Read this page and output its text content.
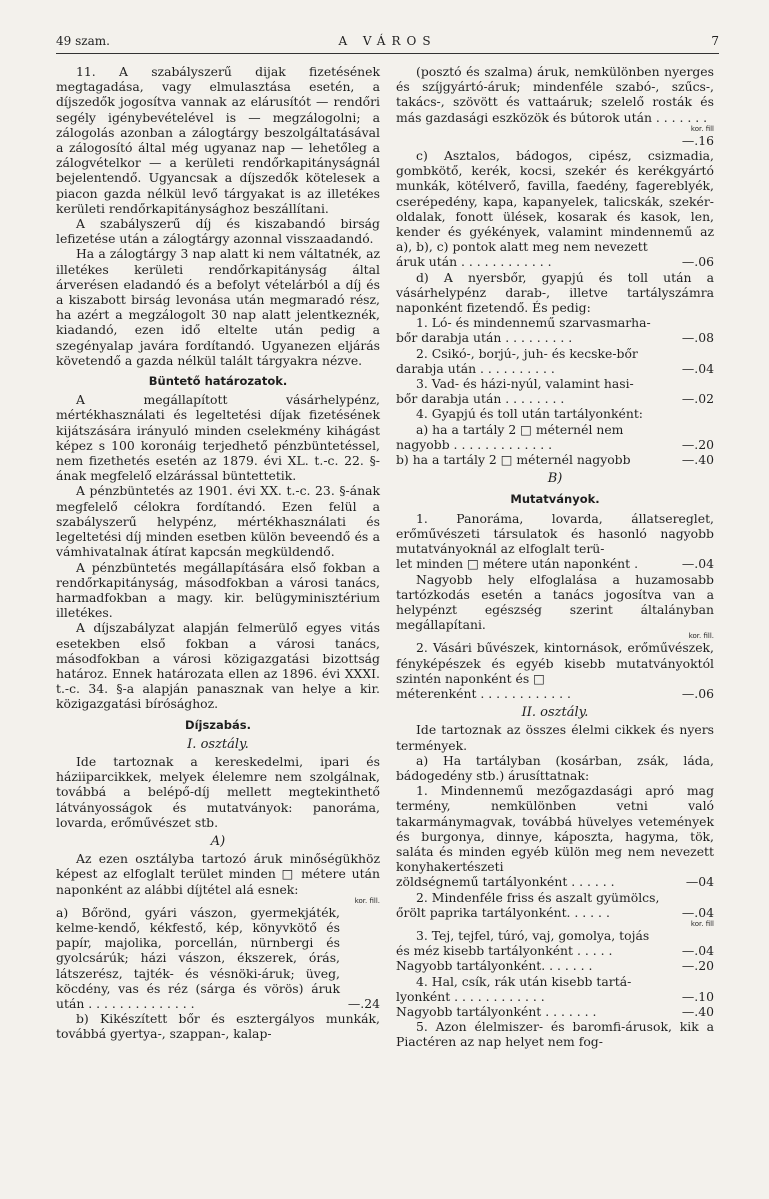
49 szam.	A VÁROS	7

11. A szabályszerű dijak fizetésének megtagadása, vagy elmulasztása esetén, a díjszedők jogosítva vannak az elárusítót — rendőri segély igénybevételével is — megzálogolni; a zálogolás azonban a zálogtárgy beszolgáltatásával a zálogosító által még ugyanaz nap — lehetőleg a zálogvételkor — a kerületi rendőrkapitányságnál bejelentendő. Ugyancsak a díjszedők kötelesek a piacon gazda nélkül levő tárgyakat is az illetékes kerületi rendőrkapitánysághoz beszállítani.

A szabályszerű díj és kiszabandó birság lefizetése után a zálogtárgy azonnal visszaadandó.

Ha a zálogtárgy 3 nap alatt ki nem váltatnék, az illetékes kerületi rendőrkapitányság által árverésen eladandó és a befolyt vételárból a díj és a kiszabott birság levonása után megmaradó rész, ha azért a megzálogolt 30 nap alatt jelentkeznék, kiadandó, ezen idő eltelte után pedig a szegényalap javára fordítandó. Ugyanezen eljárás követendő a gazda nélkül talált tárgyakra nézve.

Büntető határozatok.

A megállapított vásárhelypénz, mértékhasználati és legeltetési díjak fizetésének kijátszására irányuló minden cselekmény kihágást képez s 100 koronáig terjedhető pénzbüntetéssel, nem fizethetés esetén az 1879. évi XL. t.-c. 22. §-ának megfelelő elzárással büntettetik.

A pénzbüntetés az 1901. évi XX. t.-c. 23. §-ának megfelelő célokra fordítandó. Ezen felül a szabályszerű helypénz, mértékhasználati és legeltetési díj minden esetben külön beveendő és a vámhivatalnak átírat kapcsán megküldendő.

A pénzbüntetés megállapítására első fokban a rendőrkapitányság, másodfokban a városi tanács, harmadfokban a magy. kir. belügyminisztérium illetékes.

A díjszabályzat alapján felmerülő egyes vitás esetekben első fokban a városi tanács, másodfokban a városi közigazgatási bizottság határoz. Ennek határozata ellen az 1896. évi XXXI. t.-c. 34. §-a alapján panasznak van helye a kir. közigazgatási bírósághoz.

Díjszabás.
I. osztály.

Ide tartoznak a kereskedelmi, ipari és háziiparcikkek, melyek élelemre nem szolgálnak, továbbá a belépő-díj mellett megtekinthető látványosságok és mutatványok: panoráma, lovarda, erőművészet stb.

A)

Az ezen osztályba tartozó áruk minőségükhöz képest az elfoglalt terület minden □ métere után naponként az alábbi díjtétel alá esnek:

kor. fill.
a) Bőrönd, gyári vászon, gyermekjáték, kelme-kendő, kékfestő, kép, könyvkötő és papír, majolika, porcellán, nürnbergi és gyolcsárúk; házi vászon, ékszerek, órás, látszerész, tajték- és vésnöki-áruk; üveg, köcdény, vas és réz (sárga és vörös) áruk után . . . . . . . . . . . . . .	—.24

b) Kikészített bőr és esztergályos munkák, továbbá gyertya-, szappan-, kalap-

(posztó és szalma) áruk, nemkülönben nyerges és szíjgyártó-áruk; mindenféle szabó-, szűcs-, takács-, szövött és vattaáruk; szelelő rosták és más gazdasági eszközök és bútorok után . . . . . . .

kor. fill
—.16

c) Asztalos, bádogos, cipész, csizmadia, gombkötő, kerék, kocsi, szekér és kerékgyártó munkák, kötélverő, favilla, faedény, fagereblyék, cserépedény, kapa, kapanyelek, talicskák, szekér-oldalak, fonott ülések, kosarak és kasok, len, kender és gyékények, valamint mindennemű az a), b), c) pontok alatt meg nem nevezett

áruk után . . . . . . . . . . . .	—.06

d) A nyersbőr, gyapjú és toll után a vásárhelypénz darab-, illetve tartályszámra naponként fizetendő. És pedig:

1. Ló- és mindennemű szarvasmarha-

bőr darabja után . . . . . . . . .	—.08

2. Csikó-, borjú-, juh- és kecske-bőr

darabja után . . . . . . . . . .	—.04

3. Vad- és házi-nyúl, valamint hasi-

bőr darabja után . . . . . . . .	—.02

4. Gyapjú és toll után tartályonként:

a) ha a tartály 2 □ méternél nem

nagyobb . . . . . . . . . . . . .	—.20
b) ha a tartály 2 □ méternél nagyobb	—.40
B)
Mutatványok.

1. Panoráma, lovarda, állatsereglet, erőművészeti társulatok és hasonló nagyobb mutatványoknál az elfoglalt terü-

let minden □ métere után naponként .	—.04

Nagyobb hely elfoglalása a huzamosabb tartózkodás esetén a tanács jogosítva van a helypénzt egészség szerint általányban megállapítani.

kor. fill.

2. Vásári bűvészek, kintornások, erőművészek, fényképészek és egyéb kisebb mutatványoktól szintén naponként és □

méterenként . . . . . . . . . . . .	—.06
II. osztály.

Ide tartoznak az összes élelmi cikkek és nyers termények.

a) Ha tartályban (kosárban, zsák, láda, bádogedény stb.) árusíttatnak:

1. Mindennemű mezőgazdasági apró mag termény, nemkülönben vetni való takarmánymagvak, továbbá hüvelyes vetemények és burgonya, dinnye, káposzta, hagyma, tök, saláta és minden egyéb külön meg nem nevezett konyhakertészeti

zöldségnemű tartályonként . . . . . .	—04

2. Mindenféle friss és aszalt gyümölcs,

őrölt paprika tartályonként. . . . . .	—.04
kor. fill

3. Tej, tejfel, túró, vaj, gomolya, tojás

és méz kisebb tartályonként . . . . .	—.04
Nagyobb tartályonként. . . . . . .	—.20

4. Hal, csík, rák után kisebb tartá-

lyonként . . . . . . . . . . . .	—.10
Nagyobb tartályonként . . . . . . .	—.40

5. Azon élelmiszer- és baromfi-árusok, kik a Piactéren az nap helyet nem fog-
